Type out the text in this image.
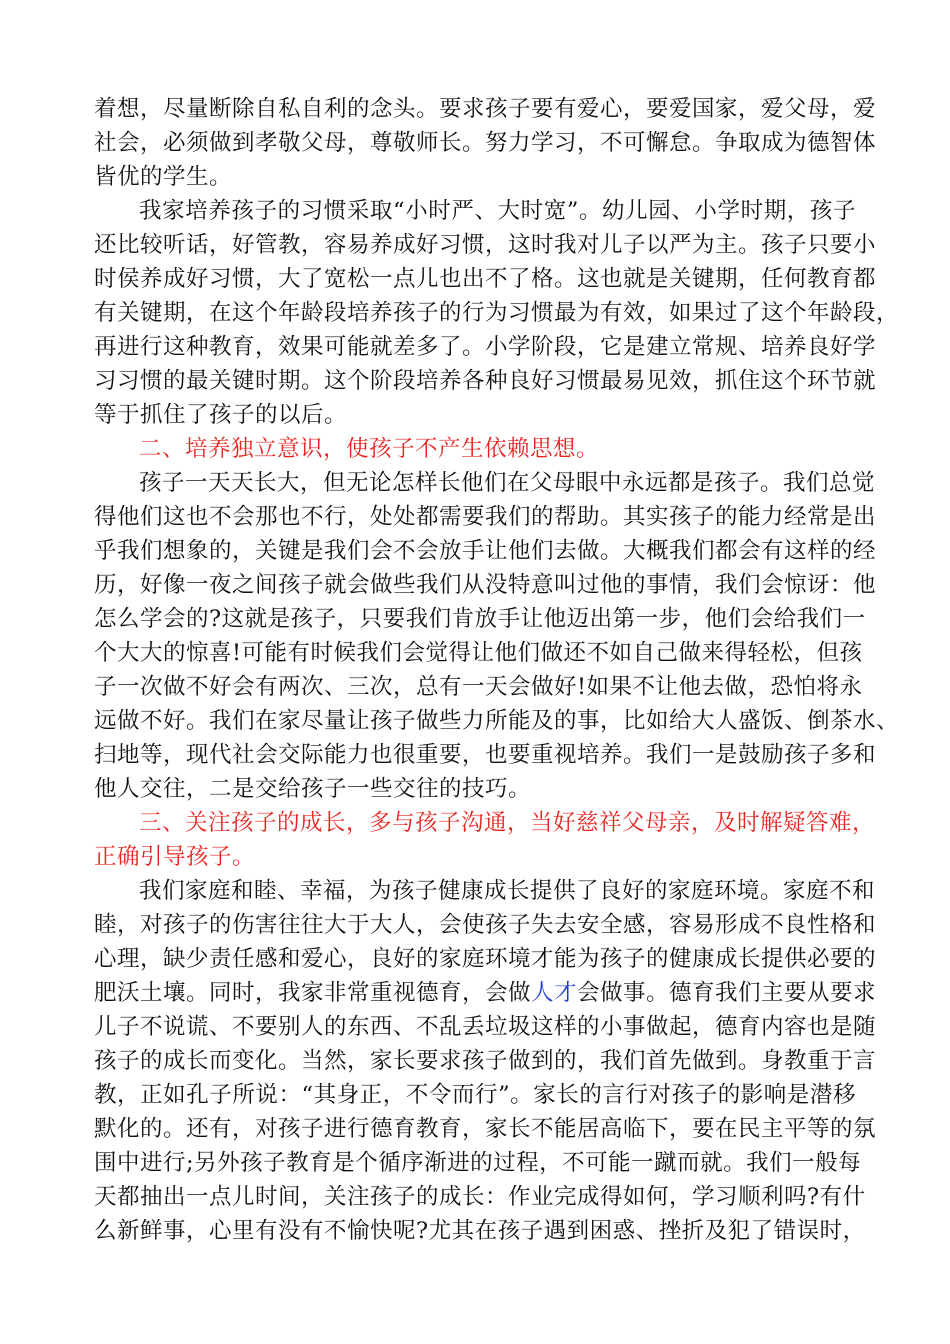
着想，尽量断除自私自利的念头。要求孩子要有爱心，要爱国家，爱父母，爱
社会，必须做到孝敬父母，尊敬师长。努力学习，不可懈怠。争取成为德智体
皆优的学生。
我家培养孩子的习惯采取“小时严、大时宽”。幼儿园、小学时期，孩子
还比较听话，好管教，容易养成好习惯，这时我对儿子以严为主。孩子只要小
时侯养成好习惯，大了宽松一点儿也出不了格。这也就是关键期，任何教育都
有关键期，在这个年龄段培养孩子的行为习惯最为有效，如果过了这个年龄段，
再进行这种教育，效果可能就差多了。小学阶段，它是建立常规、培养良好学
习习惯的最关键时期。这个阶段培养各种良好习惯最易见效，抓住这个环节就
等于抓住了孩子的以后。
二、培养独立意识，使孩子不产生依赖思想。
孩子一天天长大，但无论怎样长他们在父母眼中永远都是孩子。我们总觉
得他们这也不会那也不行，处处都需要我们的帮助。其实孩子的能力经常是出
乎我们想象的，关键是我们会不会放手让他们去做。大概我们都会有这样的经
历，好像一夜之间孩子就会做些我们从没特意叫过他的事情，我们会惊讶：他
怎么学会的?这就是孩子，只要我们肯放手让他迈出第一步，他们会给我们一
个大大的惊喜!可能有时候我们会觉得让他们做还不如自己做来得轻松，但孩
子一次做不好会有两次、三次，总有一天会做好!如果不让他去做，恐怕将永
远做不好。我们在家尽量让孩子做些力所能及的事，比如给大人盛饭、倒茶水、
扫地等，现代社会交际能力也很重要，也要重视培养。我们一是鼓励孩子多和
他人交往，二是交给孩子一些交往的技巧。
三、关注孩子的成长，多与孩子沟通，当好慈祥父母亲，及时解疑答难，
正确引导孩子。
我们家庭和睦、幸福，为孩子健康成长提供了良好的家庭环境。家庭不和
睦，对孩子的伤害往往大于大人，会使孩子失去安全感，容易形成不良性格和
心理，缺少责任感和爱心，良好的家庭环境才能为孩子的健康成长提供必要的
肥沃土壤。同时，我家非常重视德育，会做人才会做事。德育我们主要从要求
儿子不说谎、不要别人的东西、不乱丢垃圾这样的小事做起，德育内容也是随
孩子的成长而变化。当然，家长要求孩子做到的，我们首先做到。身教重于言
教，正如孔子所说：“其身正，不令而行”。家长的言行对孩子的影响是潜移
默化的。还有，对孩子进行德育教育，家长不能居高临下，要在民主平等的氛
围中进行;另外孩子教育是个循序渐进的过程，不可能一蹴而就。我们一般每
天都抽出一点儿时间，关注孩子的成长：作业完成得如何，学习顺利吗?有什
么新鲜事，心里有没有不愉快呢?尤其在孩子遇到困惑、挫折及犯了错误时，
